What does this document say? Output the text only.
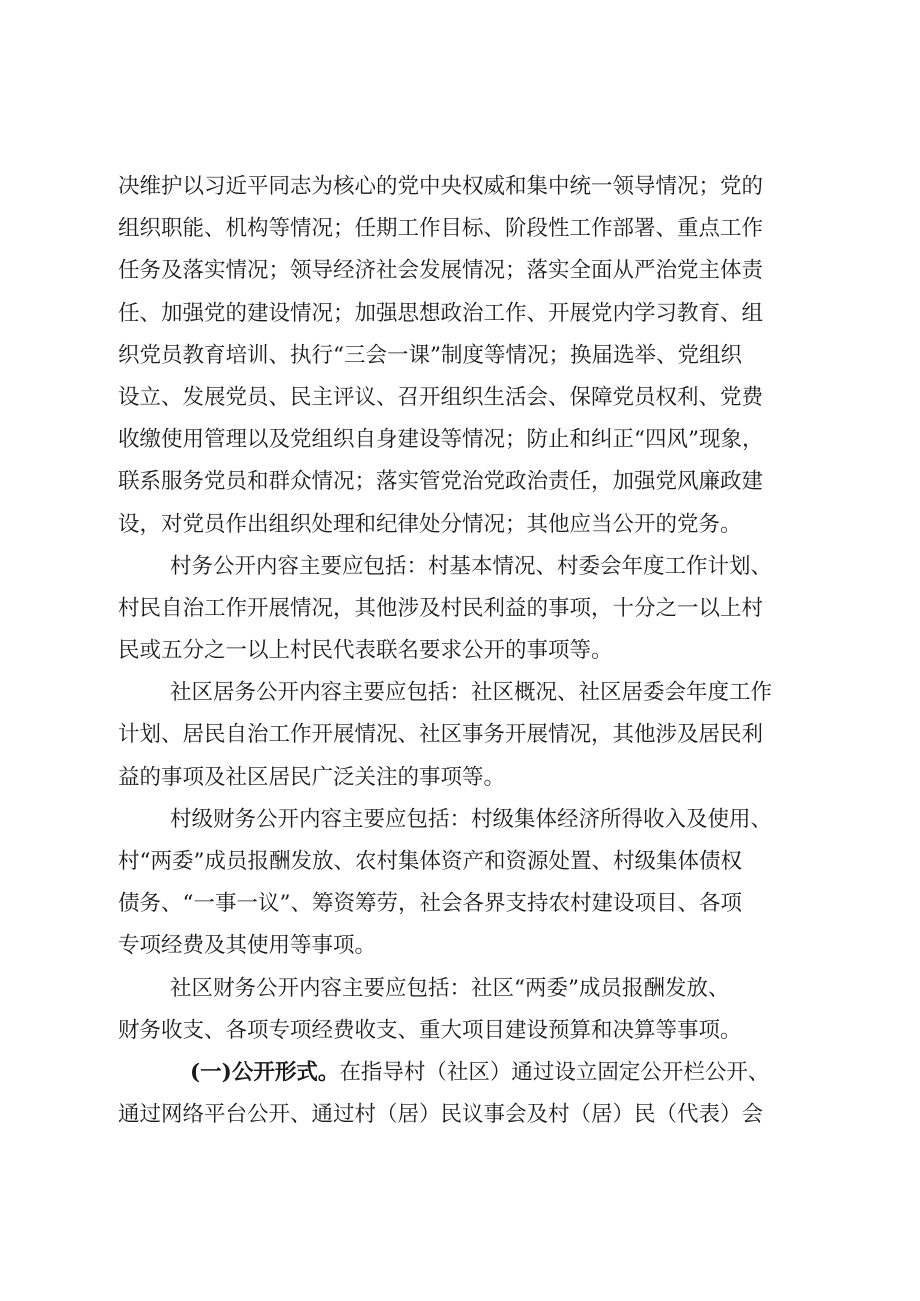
决维护以习近平同志为核心的党中央权威和集中统一领导情况；党的
组织职能、机构等情况；任期工作目标、阶段性工作部署、重点工作
任务及落实情况；领导经济社会发展情况；落实全面从严治党主体责
任、加强党的建设情况；加强思想政治工作、开展党内学习教育、组
织党员教育培训、执行“三会一课”制度等情况；换届选举、党组织
设立、发展党员、民主评议、召开组织生活会、保障党员权利、党费
收缴使用管理以及党组织自身建设等情况；防止和纠正“四风”现象，
联系服务党员和群众情况；落实管党治党政治责任，加强党风廉政建
设，对党员作出组织处理和纪律处分情况；其他应当公开的党务。
村务公开内容主要应包括：村基本情况、村委会年度工作计划、
村民自治工作开展情况，其他涉及村民利益的事项，十分之一以上村
民或五分之一以上村民代表联名要求公开的事项等。
社区居务公开内容主要应包括：社区概况、社区居委会年度工作
计划、居民自治工作开展情况、社区事务开展情况，其他涉及居民利
益的事项及社区居民广泛关注的事项等。
村级财务公开内容主要应包括：村级集体经济所得收入及使用、
村“两委”成员报酬发放、农村集体资产和资源处置、村级集体债权
债务、“一事一议”、筹资筹劳，社会各界支持农村建设项目、各项
专项经费及其使用等事项。
社区财务公开内容主要应包括：社区“两委”成员报酬发放、
财务收支、各项专项经费收支、重大项目建设预算和决算等事项。
(一)公开形式。在指导村（社区）通过设立固定公开栏公开、
通过网络平台公开、通过村（居）民议事会及村（居）民（代表）会
